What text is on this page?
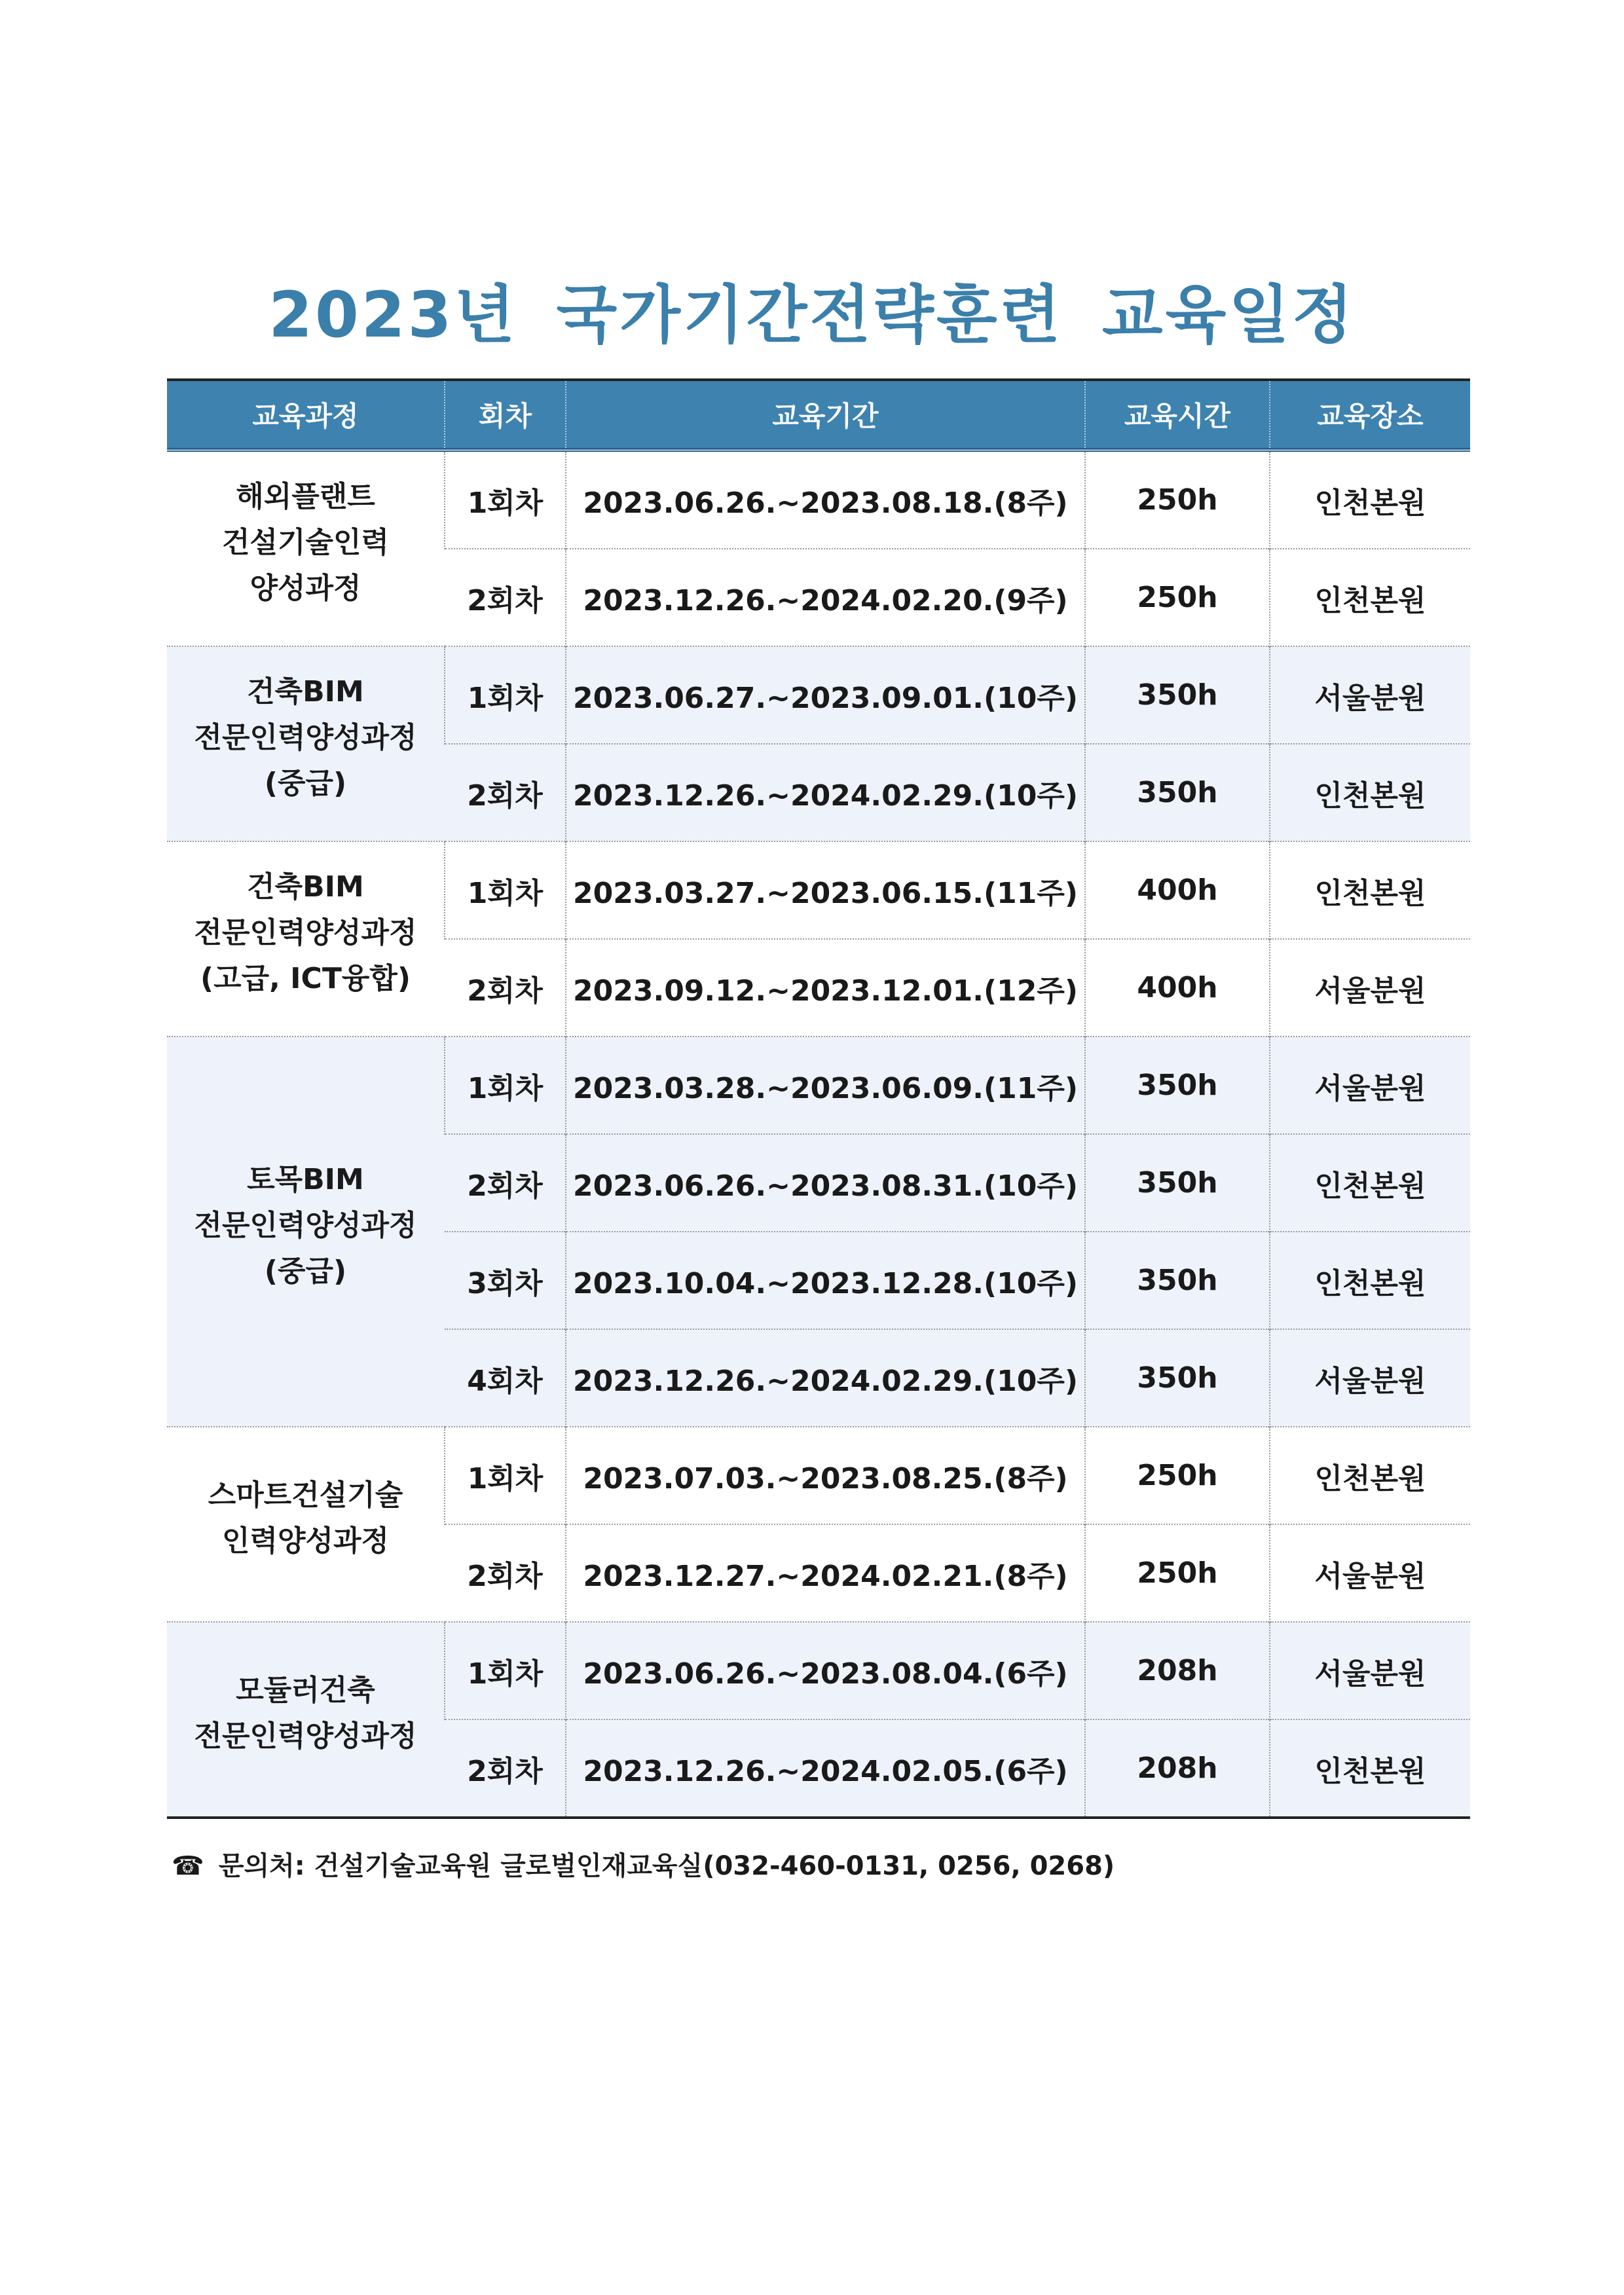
2023년 국가기간전략훈련 교육일정
교육과정	회차	교육기간	교육시간	교육장소

해외플랜트
건설기술인력
양성과정	1회차	2023.06.26.~2023.08.18.(8주)	250h	인천본원
	2회차	2023.12.26.~2024.02.20.(9주)	250h	인천본원

건축BIM
전문인력양성과정
(중급)	1회차	2023.06.27.~2023.09.01.(10주)	350h	서울분원
	2회차	2023.12.26.~2024.02.29.(10주)	350h	인천본원

건축BIM
전문인력양성과정
(고급, ICT융합)	1회차	2023.03.27.~2023.06.15.(11주)	400h	인천본원
	2회차	2023.09.12.~2023.12.01.(12주)	400h	서울분원

토목BIM
전문인력양성과정
(중급)	1회차	2023.03.28.~2023.06.09.(11주)	350h	서울분원
	2회차	2023.06.26.~2023.08.31.(10주)	350h	인천본원
	3회차	2023.10.04.~2023.12.28.(10주)	350h	인천본원
	4회차	2023.12.26.~2024.02.29.(10주)	350h	서울분원

스마트건설기술
인력양성과정	1회차	2023.07.03.~2023.08.25.(8주)	250h	인천본원
	2회차	2023.12.27.~2024.02.21.(8주)	250h	서울분원

모듈러건축
전문인력양성과정	1회차	2023.06.26.~2023.08.04.(6주)	208h	서울분원
	2회차	2023.12.26.~2024.02.05.(6주)	208h	인천본원
☎ 문의처: 건설기술교육원 글로벌인재교육실(032-460-0131, 0256, 0268)
